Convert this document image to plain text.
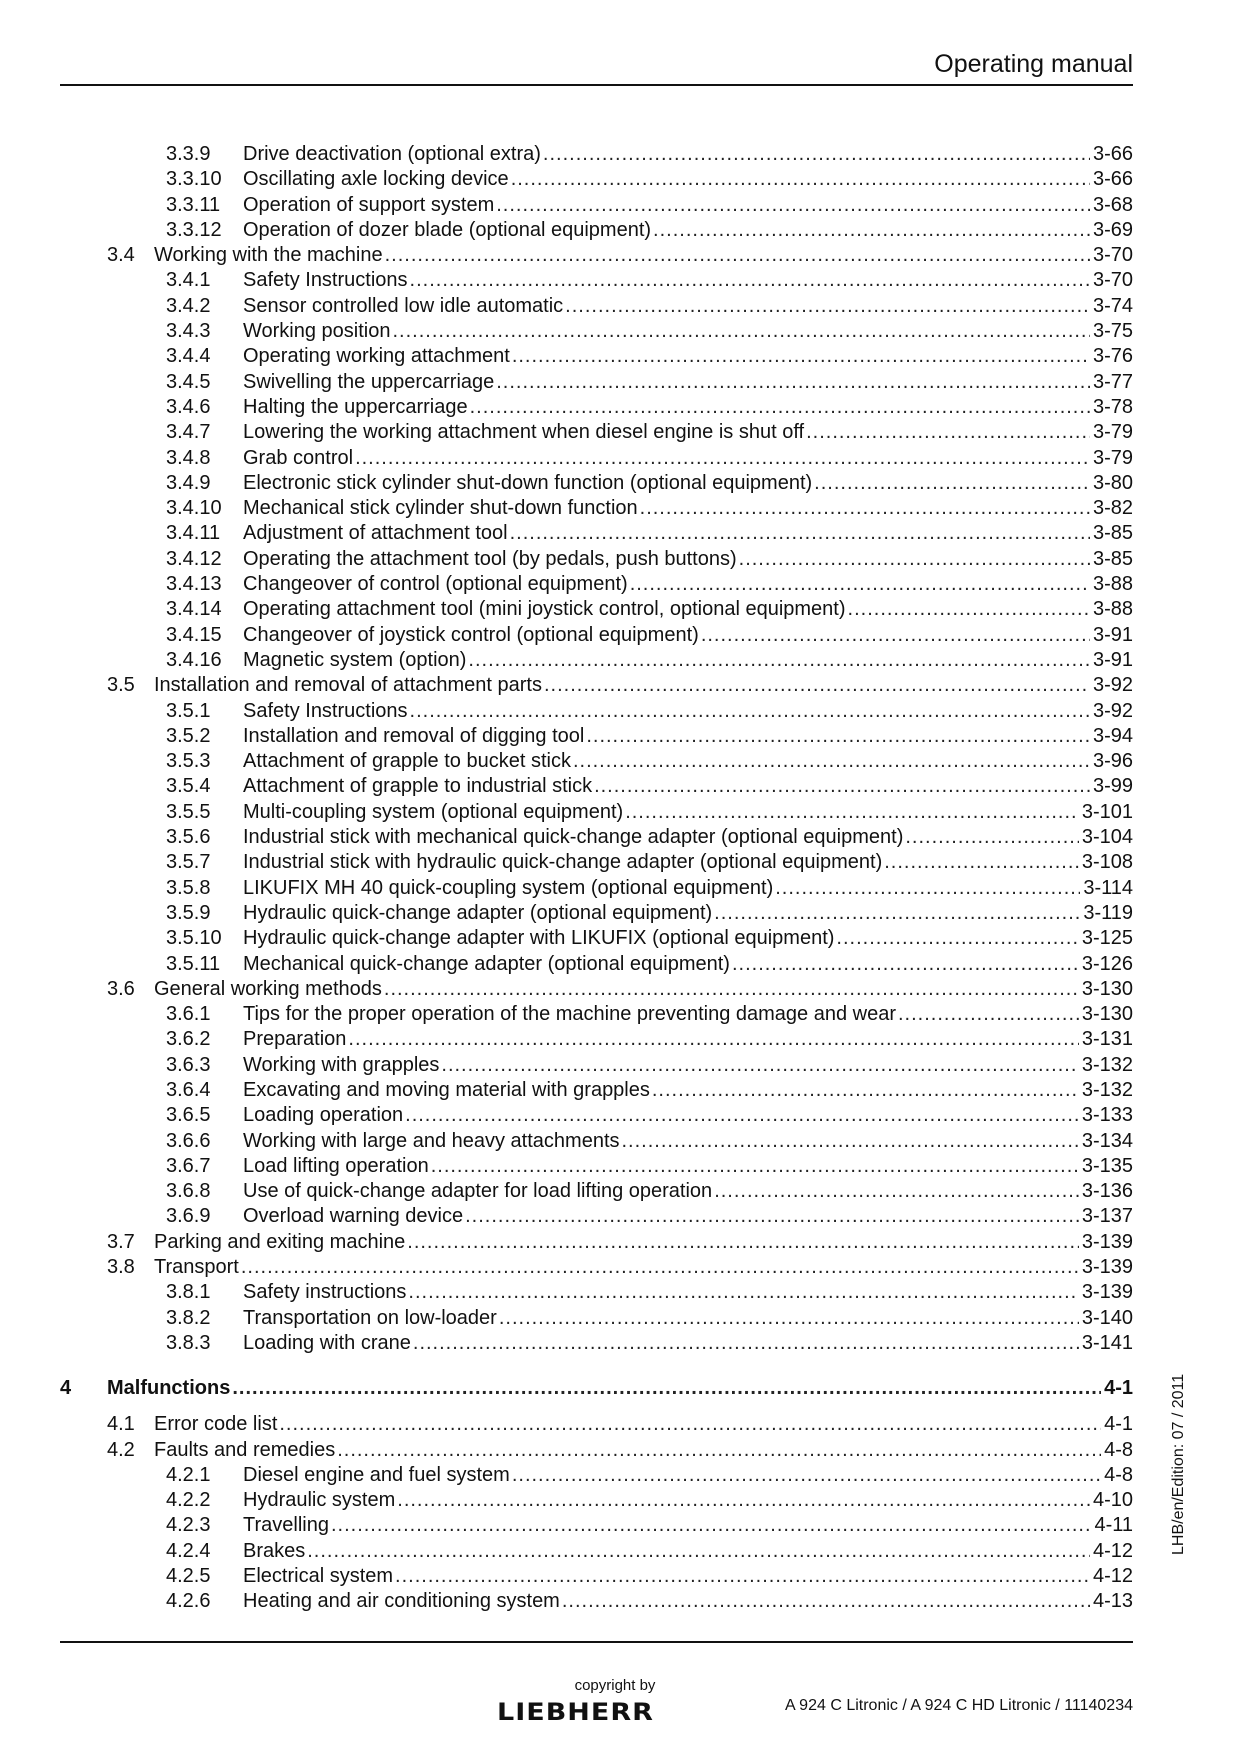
Operating manual
3.3.9	Drive deactivation (optional extra) .....	3-66
3.3.10	Oscillating axle locking device .....	3-66
3.3.11	Operation of support system .....	3-68
3.3.12	Operation of dozer blade (optional equipment) .....	3-69
3.4 Working with the machine .....	3-70
3.4.1	Safety Instructions .....	3-70
3.4.2	Sensor controlled low idle automatic .....	3-74
3.4.3	Working position .....	3-75
3.4.4	Operating working attachment .....	3-76
3.4.5	Swivelling the uppercarriage .....	3-77
3.4.6	Halting the uppercarriage .....	3-78
3.4.7	Lowering the working attachment when diesel engine is shut off .....	3-79
3.4.8	Grab control .....	3-79
3.4.9	Electronic stick cylinder shut-down function (optional equipment) .....	3-80
3.4.10	Mechanical stick cylinder shut-down function .....	3-82
3.4.11	Adjustment of attachment tool .....	3-85
3.4.12	Operating the attachment tool (by pedals, push buttons) .....	3-85
3.4.13	Changeover of control (optional equipment) .....	3-88
3.4.14	Operating attachment tool (mini joystick control, optional equipment) .....	3-88
3.4.15	Changeover of joystick control (optional equipment) .....	3-91
3.4.16	Magnetic system (option) .....	3-91
3.5 Installation and removal of attachment parts .....	3-92
3.5.1	Safety Instructions .....	3-92
3.5.2	Installation and removal of digging tool .....	3-94
3.5.3	Attachment of grapple to bucket stick .....	3-96
3.5.4	Attachment of grapple to industrial stick .....	3-99
3.5.5	Multi-coupling system (optional equipment) .....	3-101
3.5.6	Industrial stick with mechanical quick-change adapter (optional equipment) .....	3-104
3.5.7	Industrial stick with hydraulic quick-change adapter (optional equipment) .....	3-108
3.5.8	LIKUFIX MH 40 quick-coupling system (optional equipment) .....	3-114
3.5.9	Hydraulic quick-change adapter (optional equipment) .....	3-119
3.5.10	Hydraulic quick-change adapter with LIKUFIX (optional equipment) .....	3-125
3.5.11	Mechanical quick-change adapter (optional equipment) .....	3-126
3.6 General working methods .....	3-130
3.6.1	Tips for the proper operation of the machine preventing damage and wear .....	3-130
3.6.2	Preparation .....	3-131
3.6.3	Working with grapples .....	3-132
3.6.4	Excavating and moving material with grapples .....	3-132
3.6.5	Loading operation .....	3-133
3.6.6	Working with large and heavy attachments .....	3-134
3.6.7	Load lifting operation .....	3-135
3.6.8	Use of quick-change adapter for load lifting operation .....	3-136
3.6.9	Overload warning device .....	3-137
3.7 Parking and exiting machine .....	3-139
3.8 Transport .....	3-139
3.8.1	Safety instructions .....	3-139
3.8.2	Transportation on low-loader .....	3-140
3.8.3	Loading with crane .....	3-141
4	Malfunctions .....	4-1
4.1 Error code list .....	4-1
4.2 Faults and remedies .....	4-8
4.2.1	Diesel engine and fuel system .....	4-8
4.2.2	Hydraulic system .....	4-10
4.2.3	Travelling .....	4-11
4.2.4	Brakes .....	4-12
4.2.5	Electrical system .....	4-12
4.2.6	Heating and air conditioning system .....	4-13
LHB/en/Edition: 07 / 2011
copyright by
LIEBHERR	A 924 C Litronic / A 924 C HD Litronic / 11140234
